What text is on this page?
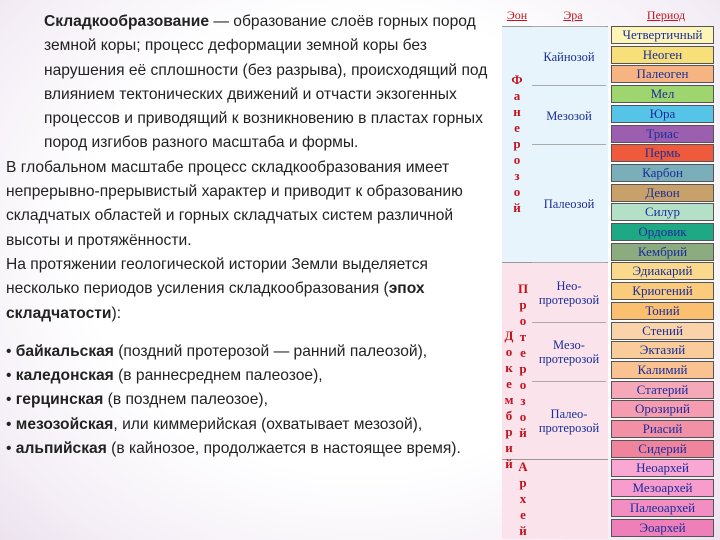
Складкообразование — образование слоёв горных пород земной коры; процесс деформации земной коры без нарушения её сплошности (без разрыва), происходящий под влиянием тектонических движений и отчасти экзогенных процессов и приводящий к возникновению в пластах горных пород изгибов разного масштаба и формы.

В глобальном масштабе процесс складкообразования имеет непрерывно-прерывистый характер и приводит к образованию складчатых областей и горных складчатых систем различной высоты и протяжённости.

На протяжении геологической истории Земли выделяется несколько периодов усиления складкообразования (эпох складчатости):

• байкальская (поздний протерозой — ранний палеозой),

• каледонская (в раннесреднем палеозое),

• герцинская (в позднем палеозое),

• мезозойская, или киммерийская (охватывает мезозой),

• альпийская (в кайнозое, продолжается в настоящее время).

Эон	Эра	Период
Ф
а
н
е
р
о
з
о
й
П
р
о
т
е
р
о
з
о
й
А
р
х
е
й
Д
о
к
е
м
б
р
и
й
Кайнозой
Мезозой
Палеозой
Нео-протерозой
Мезо-протерозой
Палео-протерозой
Четвертичный
Неоген
Палеоген
Мел
Юра
Триас
Пермь
Карбон
Девон
Силур
Ордовик
Кембрий
Эдиакарий
Криогений
Тоний
Стений
Эктазий
Калимий
Статерий
Орозирий
Риасий
Сидерий
Неоархей
Мезоархей
Палеоархей
Эоархей
